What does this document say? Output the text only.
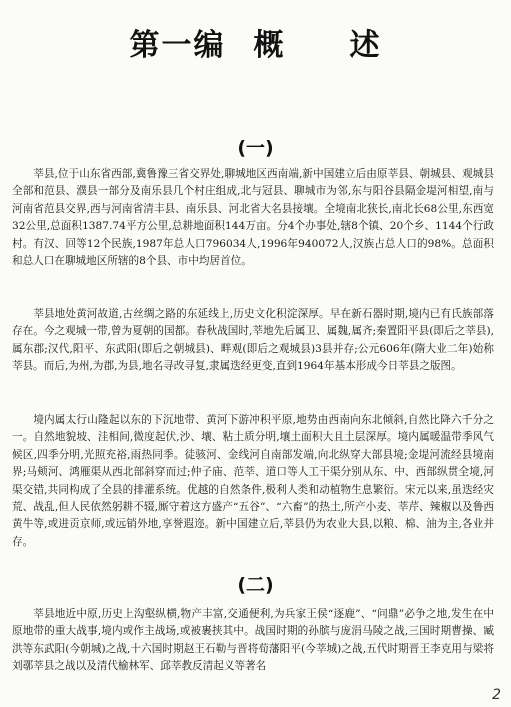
第一编 概　　述
(一)

莘县,位于山东省西部,冀鲁豫三省交界处,聊城地区西南端,新中国建立后由原莘县、朝城县、观城县全部和范县、濮县一部分及南乐县几个村庄组成,北与冠县、聊城市为邻,东与阳谷县隔金堤河相望,南与河南省范县交界,西与河南省清丰县、南乐县、河北省大名县接壤。全境南北狭长,南北长68公里,东西宽32公里,总面积1387.74平方公里,总耕地面积144万亩。分4个办事处,辖8个镇、20个乡、1144个行政村。有汉、回等12个民族,1987年总人口796034人,1996年940072人,汉族占总人口的98%。总面积和总人口在聊城地区所辖的8个县、市中均居首位。

莘县地处黄河故道,古丝绸之路的东延线上,历史文化积淀深厚。早在新石器时期,境内已有氏族部落存在。今之观城一带,曾为夏朝的国都。春秋战国时,莘地先后属卫、属魏,属齐;秦置阳平县(即后之莘县),属东郡;汉代,阳平、东武阳(即后之朝城县)、畔观(即后之观城县)3县并存;公元606年(隋大业二年)始称莘县。而后,为州,为郡,为县,地名寻改寻复,隶属迭经更变,直到1964年基本形成今日莘县之版图。

境内属太行山隆起以东的下沉地带、黄河下游冲积平原,地势由西南向东北倾斜,自然比降六千分之一。自然地貌坡、洼相间,微度起伏,沙、壤、粘土质分明,壤土面积大且土层深厚。境内属暖温带季风气候区,四季分明,光照充裕,雨热同季。徒骇河、金线河自南部发端,向北纵穿大部县境;金堤河流经县境南界;马颊河、鸿雁渠从西北部斜穿而过;仲子庙、范莘、道口等人工干渠分别从东、中、西部纵贯全境,河渠交错,共同构成了全县的排灌系统。优越的自然条件,极利人类和动植物生息繁衍。宋元以来,虽迭经灾荒、战乱,但人民依然躬耕不辍,厮守着这方盛产“五谷”、“六畜”的热土,所产小麦、莘芹、辣椒以及鲁西黄牛等,或进贡京师,或远销外地,享誉遐迩。新中国建立后,莘县仍为农业大县,以粮、棉、油为主,各业并存。

(二)

莘县地近中原,历史上沟壑纵横,物产丰富,交通便利,为兵家王侯“逐鹿”、“问鼎”必争之地,发生在中原地带的重大战事,境内或作主战场,或被裹挟其中。战国时期的孙膑与庞涓马陵之战,三国时期曹操、臧洪等东武阳(今朝城)之战,十六国时期赵王石勒与晋将荀藩阳平(今莘城)之战,五代时期晋王李克用与梁将刘鄩莘县之战以及清代榆林军、邱莘教反清起义等著名

2
